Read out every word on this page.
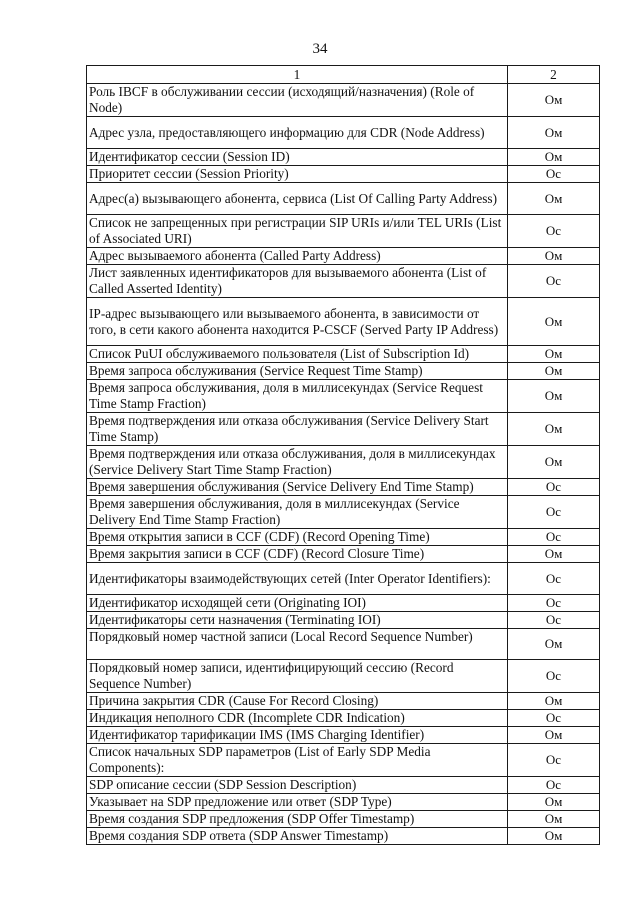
34
1	2
Роль IBCF в обслуживании сессии (исходящий/назначения) (Role of Node)	Oм
Адрес узла, предоставляющего информацию для CDR (Node Address)	Oм
Идентификатор сессии (Session ID)	Oм
Приоритет сессии (Session Priority)	Oс
Адрес(а) вызывающего абонента, сервиса (List Of Calling Party Address)	Oм
Список не запрещенных при регистрации SIP URIs и/или TEL URIs (List of Associated URI)	Oс
Адрес вызываемого абонента (Called Party Address)	Oм
Лист заявленных идентификаторов для вызываемого абонента (List of Called Asserted Identity)	Oс
IP-адрес вызывающего или вызываемого абонента, в зависимости от того, в сети какого абонента находится P-CSCF (Served Party IP Address)	Oм
Список PuUI обслуживаемого пользователя (List of Subscription Id)	Oм
Время запроса обслуживания (Service Request Time Stamp)	Oм
Время запроса обслуживания, доля в миллисекундах (Service Request Time Stamp Fraction)	Oм
Время подтверждения или отказа обслуживания (Service Delivery Start Time Stamp)	Oм
Время подтверждения или отказа обслуживания, доля в миллисекундах (Service Delivery Start Time Stamp Fraction)	Oм
Время завершения обслуживания (Service Delivery End Time Stamp)	Oс
Время завершения обслуживания, доля в миллисекундах (Service Delivery End Time Stamp Fraction)	Oс
Время открытия записи в CCF (CDF) (Record Opening Time)	Oс
Время закрытия записи в CCF (CDF) (Record Closure Time)	Oм
Идентификаторы взаимодействующих сетей (Inter Operator Identifiers):	Oс
Идентификатор исходящей сети (Originating IOI)	Oс
Идентификаторы сети назначения (Terminating IOI)	Oс
Порядковый номер частной записи (Local Record Sequence Number)	Oм
Порядковый номер записи, идентифицирующий сессию (Record Sequence Number)	Oс
Причина закрытия CDR (Cause For Record Closing)	Oм
Индикация неполного CDR (Incomplete CDR Indication)	Oс
Идентификатор тарификации IMS (IMS Charging Identifier)	Oм
Список начальных SDP параметров (List of Early SDP Media Components):	Oс
SDP описание сессии (SDP Session Description)	Oс
Указывает на SDP предложение или ответ (SDP Type)	Oм
Время создания SDP предложения (SDP Offer Timestamp)	Oм
Время создания SDP ответа (SDP Answer Timestamp)	Oм
